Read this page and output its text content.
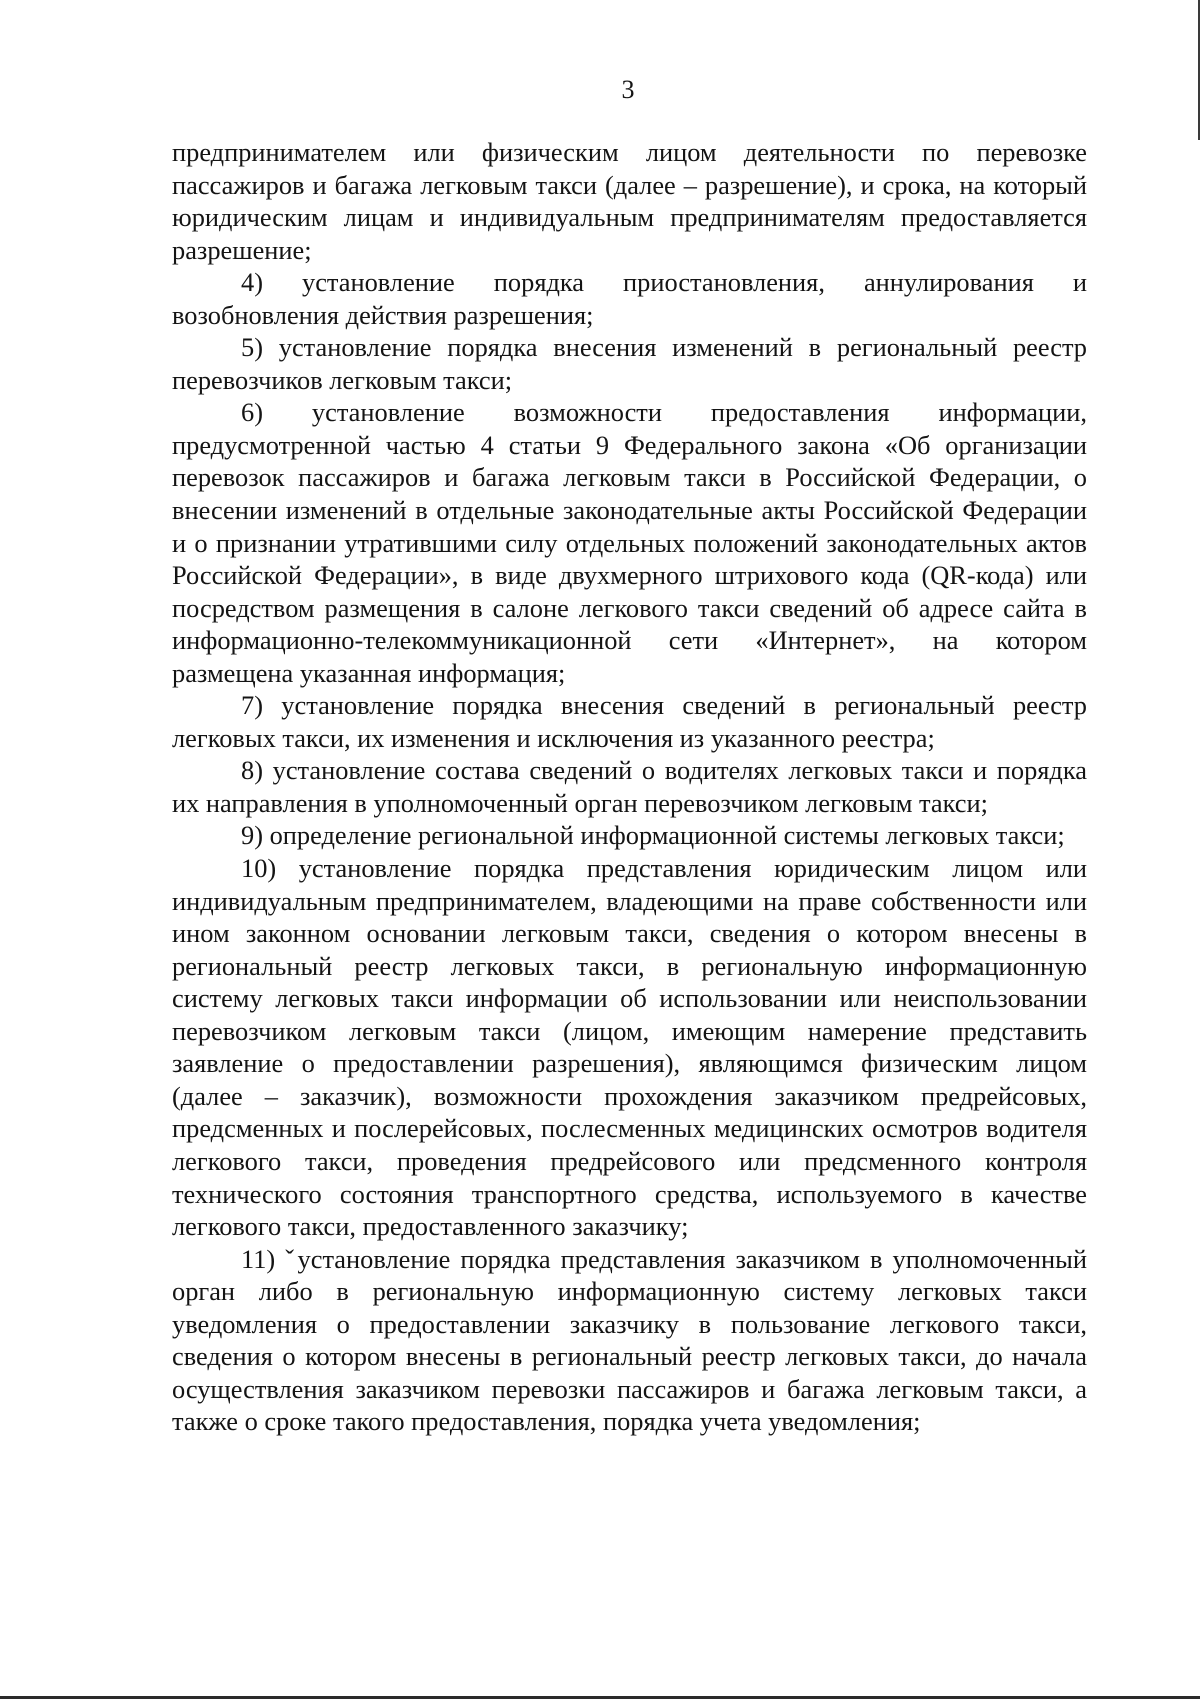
3

предпринимателем или физическим лицом деятельности по перевозке пассажиров и багажа легковым такси (далее – разрешение), и срока, на который юридическим лицам и индивидуальным предпринимателям предоставляется разрешение;

4) установление порядка приостановления, аннулирования и возобновления действия разрешения;

5) установление порядка внесения изменений в региональный реестр перевозчиков легковым такси;

6) установление возможности предоставления информации, предусмотренной частью 4 статьи 9 Федерального закона «Об организации перевозок пассажиров и багажа легковым такси в Российской Федерации, о внесении изменений в отдельные законодательные акты Российской Федерации и о признании утратившими силу отдельных положений законодательных актов Российской Федерации», в виде двухмерного штрихового кода (QR-кода) или посредством размещения в салоне легкового такси сведений об адресе сайта в информационно-телекоммуникационной сети «Интернет», на котором размещена указанная информация;

7) установление порядка внесения сведений в региональный реестр легковых такси, их изменения и исключения из указанного реестра;

8) установление состава сведений о водителях легковых такси и порядка их направления в уполномоченный орган перевозчиком легковым такси;

9) определение региональной информационной системы легковых такси;

10) установление порядка представления юридическим лицом или индивидуальным предпринимателем, владеющими на праве собственности или ином законном основании легковым такси, сведения о котором внесены в региональный реестр легковых такси, в региональную информационную систему легковых такси информации об использовании или неиспользовании перевозчиком легковым такси (лицом, имеющим намерение представить заявление о предоставлении разрешения), являющимся физическим лицом (далее – заказчик), возможности прохождения заказчиком предрейсовых, предсменных и послерейсовых, послесменных медицинских осмотров водителя легкового такси, проведения предрейсового или предсменного контроля технического состояния транспортного средства, используемого в качестве легкового такси, предоставленного заказчику;

11) ˇустановление порядка представления заказчиком в уполномоченный орган либо в региональную информационную систему легковых такси уведомления о предоставлении заказчику в пользование легкового такси, сведения о котором внесены в региональный реестр легковых такси, до начала осуществления заказчиком перевозки пассажиров и багажа легковым такси, а также о сроке такого предоставления, порядка учета уведомления;
